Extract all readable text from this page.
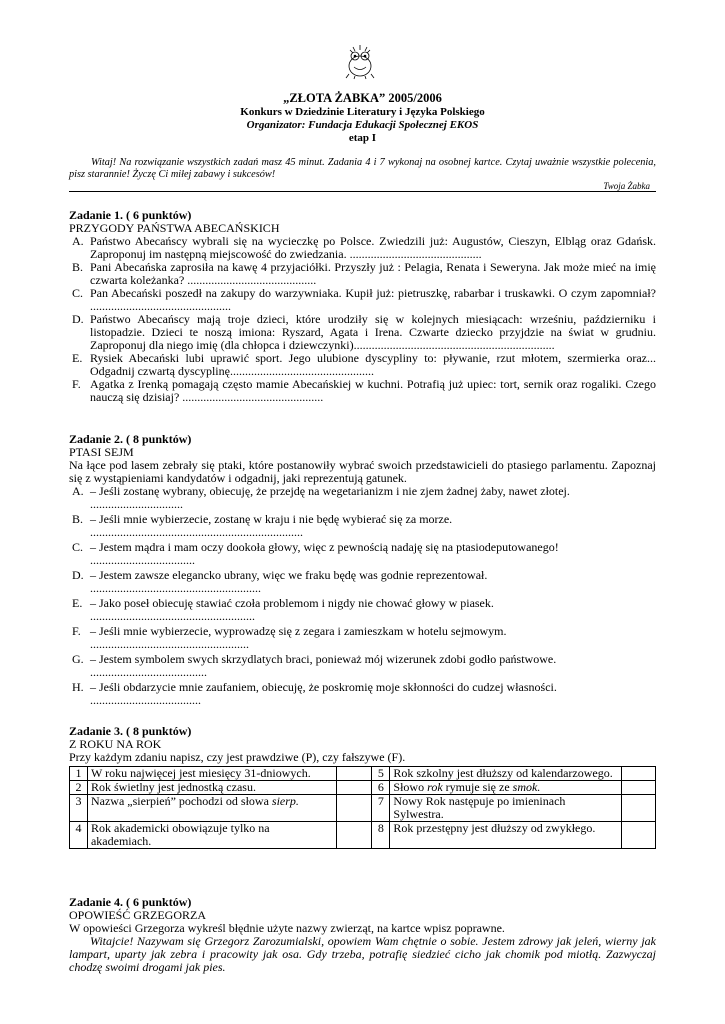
„ZŁOTA ŻABKA” 2005/2006
Konkurs w Dziedzinie Literatury i Języka Polskiego
Organizator: Fundacja Edukacji Społecznej EKOS
etap I
Witaj! Na rozwiązanie wszystkich zadań masz 45 minut. Zadania 4 i 7 wykonaj na osobnej kartce. Czytaj uważnie wszystkie polecenia, pisz starannie! Życzę Ci miłej zabawy i sukcesów!
Twoja Żabka
Zadanie 1. ( 6 punktów)
PRZYGODY PAŃSTWA ABECAŃSKICH
A. Państwo Abecańscy wybrali się na wycieczkę po Polsce. Zwiedzili już: Augustów, Cieszyn, Elbląg oraz Gdańsk. Zaproponuj im następną miejscowość do zwiedzania. ............................................
B. Pani Abecańska zaprosiła na kawę 4 przyjaciółki. Przyszły już : Pelagia, Renata i Seweryna. Jak może mieć na imię czwarta koleżanka? ...........................................
C. Pan Abecański poszedł na zakupy do warzywniaka. Kupił już: pietruszkę, rabarbar i truskawki. O czym zapomniał? ...............................................
D. Państwo Abecańscy mają troje dzieci, które urodziły się w kolejnych miesiącach: wrześniu, październiku i listopadzie. Dzieci te noszą imiona: Ryszard, Agata i Irena. Czwarte dziecko przyjdzie na świat w grudniu. Zaproponuj dla niego imię (dla chłopca i dziewczynki)...................................................................
E. Rysiek Abecański lubi uprawić sport. Jego ulubione dyscypliny to: pływanie, rzut młotem, szermierka oraz... Odgadnij czwartą dyscyplinę................................................
F. Agatka z Irenką pomagają często mamie Abecańskiej w kuchni. Potrafią już upiec: tort, sernik oraz rogaliki. Czego nauczą się dzisiaj? ...............................................
Zadanie 2. ( 8 punktów)
PTASI SEJM
Na łące pod lasem zebrały się ptaki, które postanowiły wybrać swoich przedstawicieli do ptasiego parlamentu. Zapoznaj się z wystąpieniami kandydatów i odgadnij, jaki reprezentują gatunek.
A. – Jeśli zostanę wybrany, obiecuję, że przejdę na wegetarianizm i nie zjem żadnej żaby, nawet złotej.
...............................
B. – Jeśli mnie wybierzecie, zostanę w kraju i nie będę wybierać się za morze.
.......................................................................
C. – Jestem mądra i mam oczy dookoła głowy, więc z pewnością nadaję się na ptasiodeputowanego!
...................................
D. – Jestem zawsze elegancko ubrany, więc we fraku będę was godnie reprezentował.
.........................................................
E. – Jako poseł obiecuję stawiać czoła problemom i nigdy nie chować głowy w piasek.
.......................................................
F. – Jeśli mnie wybierzecie, wyprowadzę się z zegara i zamieszkam w hotelu sejmowym.
.....................................................
G. – Jestem symbolem swych skrzydlatych braci, ponieważ mój wizerunek zdobi godło państwowe.
.......................................
H. – Jeśli obdarzycie mnie zaufaniem, obiecuję, że poskromię moje skłonności do cudzej własności.
.....................................
Zadanie 3. ( 8 punktów)
Z ROKU NA ROK
Przy każdym zdaniu napisz, czy jest prawdziwe (P), czy fałszywe (F).
1	W roku najwięcej jest miesięcy 31-dniowych.		5	Rok szkolny jest dłuższy od kalendarzowego.	
2	Rok świetlny jest jednostką czasu.		6	Słowo rok rymuje się ze smok.	
3	Nazwa „sierpień” pochodzi od słowa sierp.		7	Nowy Rok następuje po imieninach Sylwestra.	
4	Rok akademicki obowiązuje tylko na akademiach.		8	Rok przestępny jest dłuższy od zwykłego.	
Zadanie 4. ( 6 punktów)
OPOWIEŚĆ GRZEGORZA
W opowieści Grzegorza wykreśl błędnie użyte nazwy zwierząt, na kartce wpisz poprawne.
Witajcie! Nazywam się Grzegorz Zarozumialski, opowiem Wam chętnie o sobie. Jestem zdrowy jak jeleń, wierny jak lampart, uparty jak zebra i pracowity jak osa. Gdy trzeba, potrafię siedzieć cicho jak chomik pod miotłą. Zazwyczaj chodzę swoimi drogami jak pies.
